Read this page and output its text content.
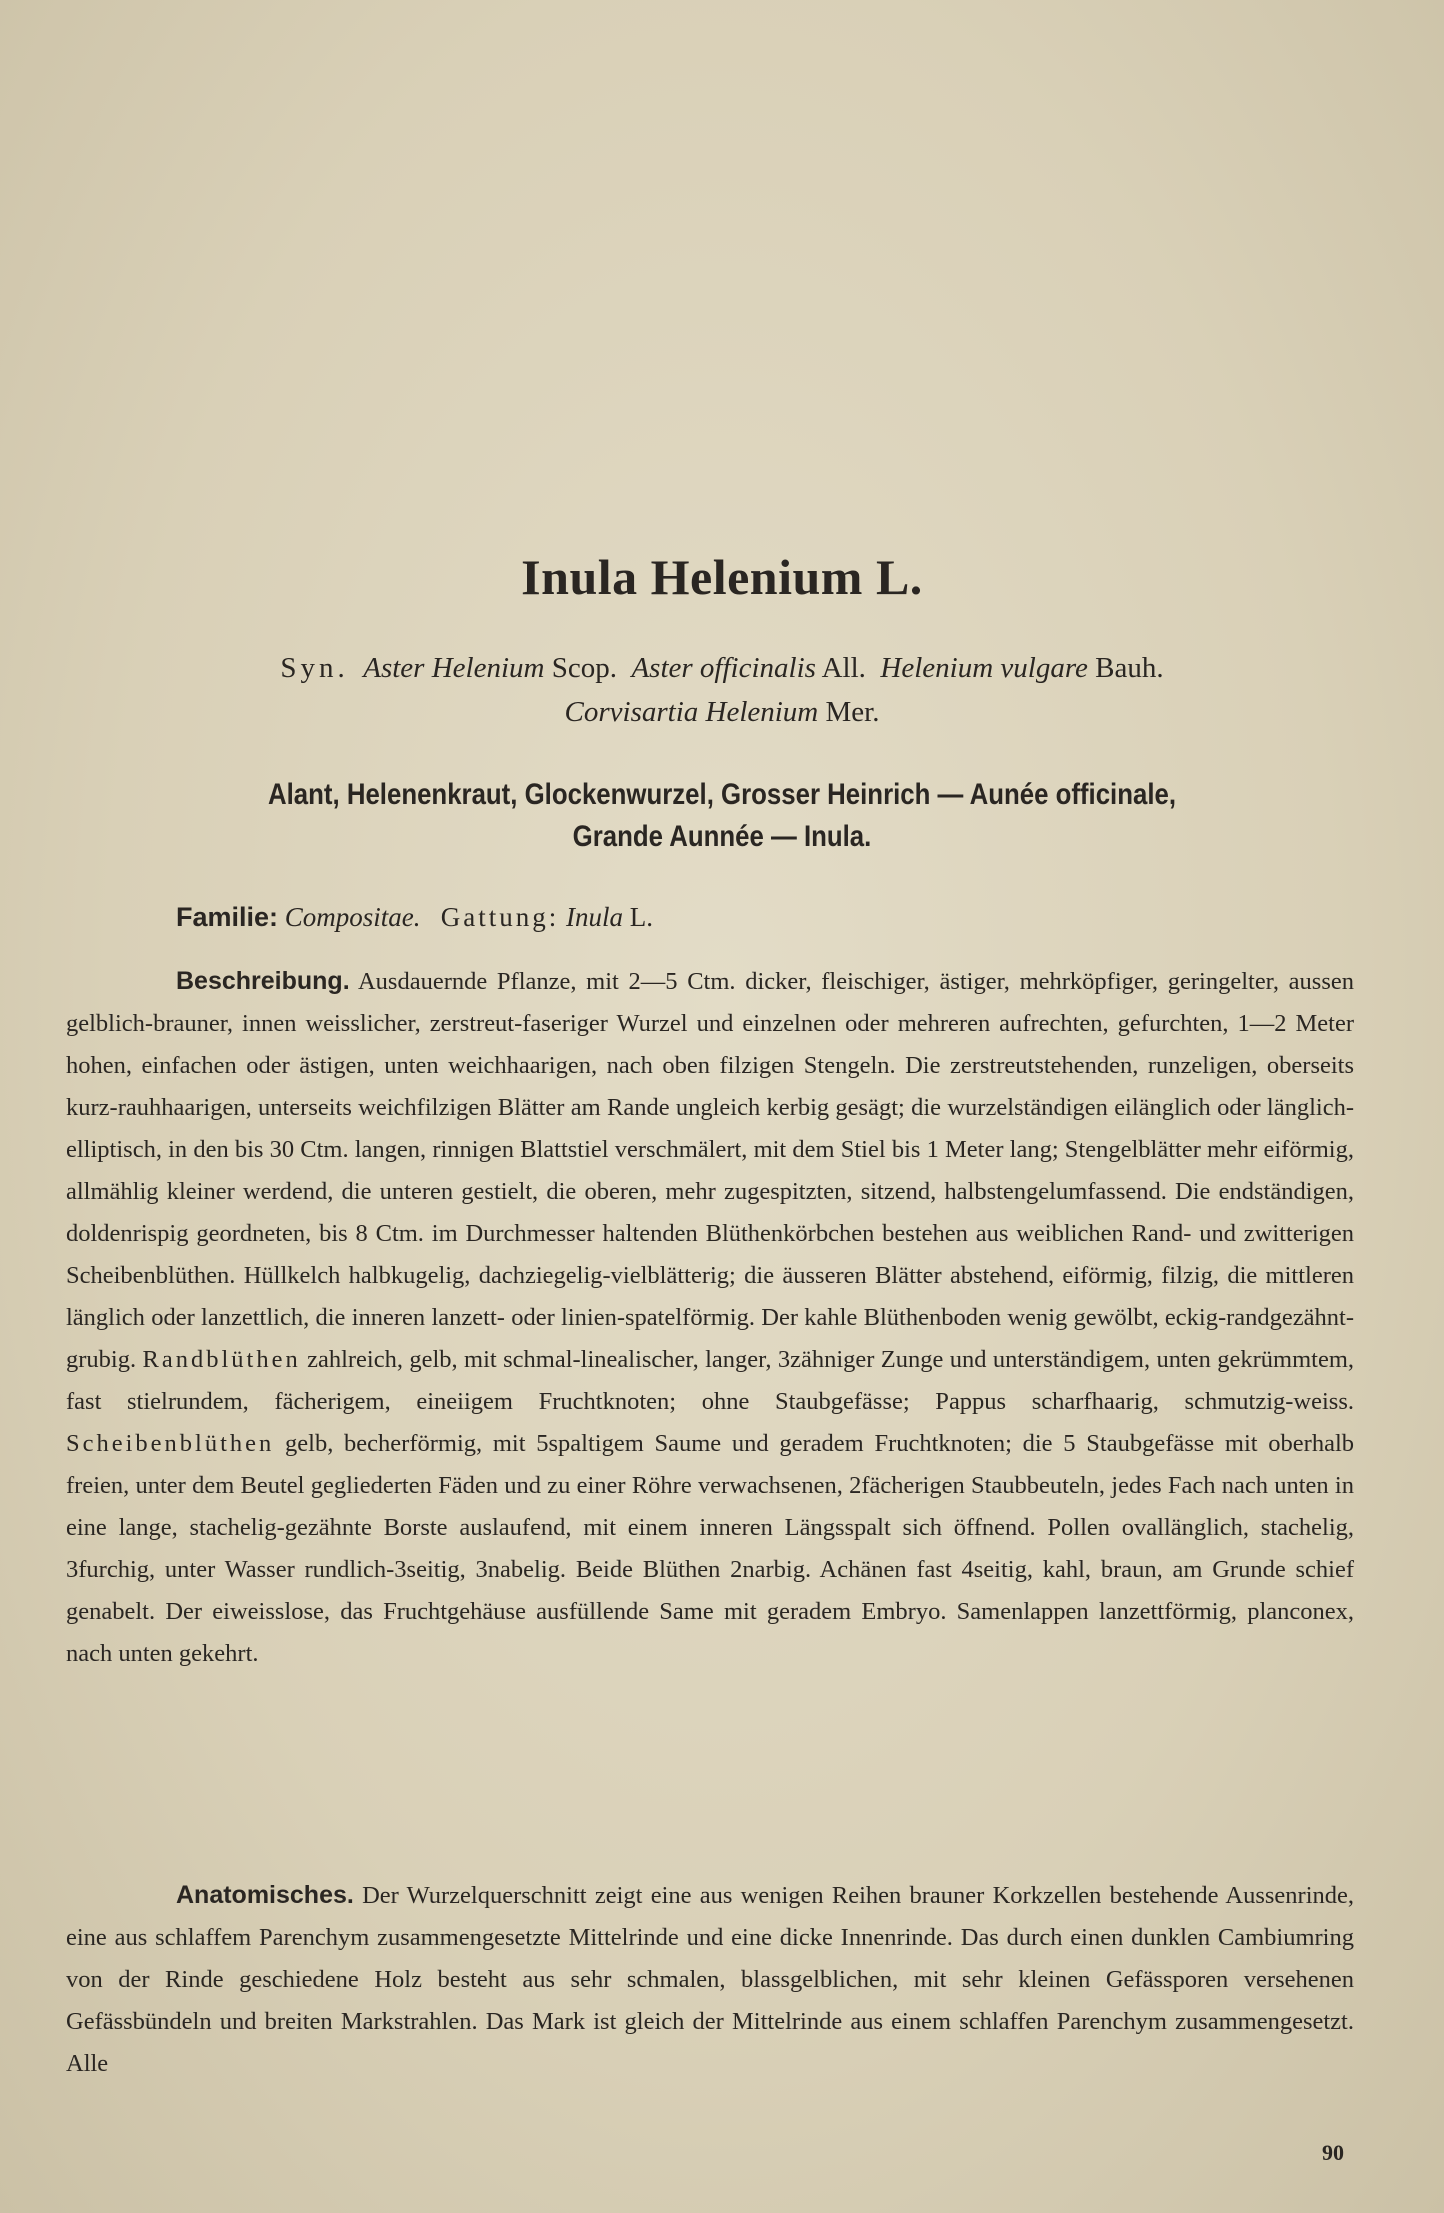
Inula Helenium L.
Syn. Aster Helenium Scop. Aster officinalis All. Helenium vulgare Bauh.
Corvisartia Helenium Mer.
Alant, Helenenkraut, Glockenwurzel, Grosser Heinrich — Aunée officinale,
Grande Aunnée — Inula.
Familie: Compositae. Gattung: Inula L.
Beschreibung. Ausdauernde Pflanze, mit 2—5 Ctm. dicker, fleischiger, ästiger, mehrköpfiger, geringelter, aussen gelblich-brauner, innen weisslicher, zerstreut-faseriger Wurzel und einzelnen oder mehreren aufrechten, gefurchten, 1—2 Meter hohen, einfachen oder ästigen, unten weichhaarigen, nach oben filzigen Stengeln. Die zerstreutstehenden, runzeligen, oberseits kurz-rauhhaarigen, unterseits weichfilzigen Blätter am Rande ungleich kerbig gesägt; die wurzelständigen eilänglich oder länglich-elliptisch, in den bis 30 Ctm. langen, rinnigen Blattstiel verschmälert, mit dem Stiel bis 1 Meter lang; Stengelblätter mehr eiförmig, allmählig kleiner werdend, die unteren gestielt, die oberen, mehr zugespitzten, sitzend, halbstengelumfassend. Die endständigen, doldenrispig geordneten, bis 8 Ctm. im Durchmesser haltenden Blüthenkörbchen bestehen aus weiblichen Rand- und zwitterigen Scheibenblüthen. Hüllkelch halbkugelig, dachziegelig-vielblätterig; die äusseren Blätter abstehend, eiförmig, filzig, die mittleren länglich oder lanzettlich, die inneren lanzett- oder linien-spatelförmig. Der kahle Blüthenboden wenig gewölbt, eckig-randgezähnt-grubig. Randblüthen zahlreich, gelb, mit schmal-linealischer, langer, 3zähniger Zunge und unterständigem, unten gekrümmtem, fast stielrundem, fächerigem, eineiigem Fruchtknoten; ohne Staubgefässe; Pappus scharfhaarig, schmutzig-weiss. Scheibenblüthen gelb, becherförmig, mit 5spaltigem Saume und geradem Fruchtknoten; die 5 Staubgefässe mit oberhalb freien, unter dem Beutel gegliederten Fäden und zu einer Röhre verwachsenen, 2fächerigen Staubbeuteln, jedes Fach nach unten in eine lange, stachelig-gezähnte Borste auslaufend, mit einem inneren Längsspalt sich öffnend. Pollen ovallänglich, stachelig, 3furchig, unter Wasser rundlich-3seitig, 3nabelig. Beide Blüthen 2narbig. Achänen fast 4seitig, kahl, braun, am Grunde schief genabelt. Der eiweisslose, das Fruchtgehäuse ausfüllende Same mit geradem Embryo. Samenlappen lanzettförmig, planconex, nach unten gekehrt.
Anatomisches. Der Wurzelquerschnitt zeigt eine aus wenigen Reihen brauner Korkzellen bestehende Aussenrinde, eine aus schlaffem Parenchym zusammengesetzte Mittelrinde und eine dicke Innenrinde. Das durch einen dunklen Cambiumring von der Rinde geschiedene Holz besteht aus sehr schmalen, blassgelblichen, mit sehr kleinen Gefässporen versehenen Gefässbündeln und breiten Markstrahlen. Das Mark ist gleich der Mittelrinde aus einem schlaffen Parenchym zusammengesetzt. Alle
90
